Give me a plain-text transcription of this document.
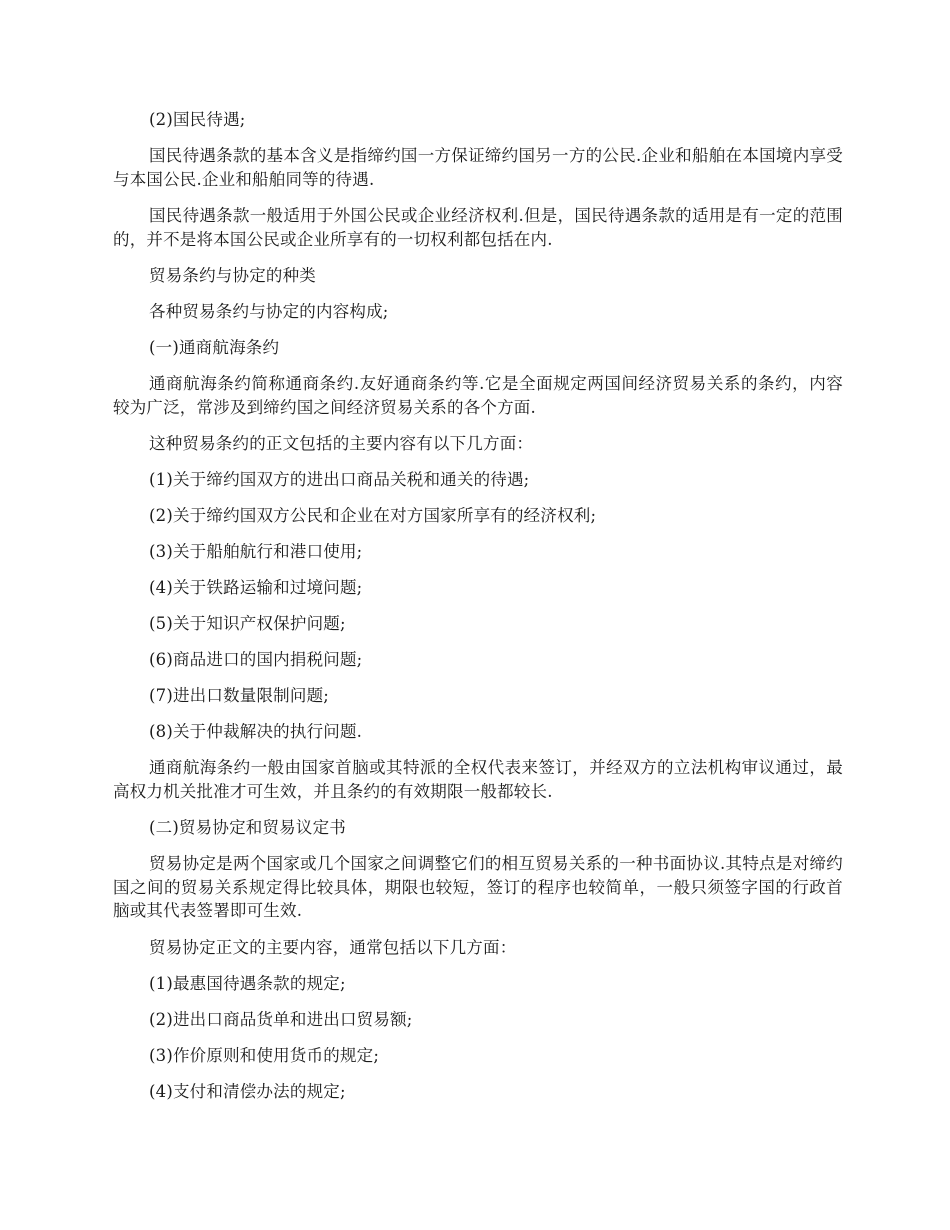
(2)国民待遇;

国民待遇条款的基本含义是指缔约国一方保证缔约国另一方的公民.企业和船舶在本国境内享受与本国公民.企业和船舶同等的待遇.

国民待遇条款一般适用于外国公民或企业经济权利.但是，国民待遇条款的适用是有一定的范围的，并不是将本国公民或企业所享有的一切权利都包括在内.

贸易条约与协定的种类

各种贸易条约与协定的内容构成;

(一)通商航海条约

通商航海条约简称通商条约.友好通商条约等.它是全面规定两国间经济贸易关系的条约，内容较为广泛，常涉及到缔约国之间经济贸易关系的各个方面.

这种贸易条约的正文包括的主要内容有以下几方面：

(1)关于缔约国双方的进出口商品关税和通关的待遇;

(2)关于缔约国双方公民和企业在对方国家所享有的经济权利;

(3)关于船舶航行和港口使用;

(4)关于铁路运输和过境问题;

(5)关于知识产权保护问题;

(6)商品进口的国内捐税问题;

(7)进出口数量限制问题;

(8)关于仲裁解决的执行问题.

通商航海条约一般由国家首脑或其特派的全权代表来签订，并经双方的立法机构审议通过，最高权力机关批准才可生效，并且条约的有效期限一般都较长.

(二)贸易协定和贸易议定书

贸易协定是两个国家或几个国家之间调整它们的相互贸易关系的一种书面协议.其特点是对缔约国之间的贸易关系规定得比较具体，期限也较短，签订的程序也较简单，一般只须签字国的行政首脑或其代表签署即可生效.

贸易协定正文的主要内容，通常包括以下几方面：

(1)最惠国待遇条款的规定;

(2)进出口商品货单和进出口贸易额;

(3)作价原则和使用货币的规定;

(4)支付和清偿办法的规定;
